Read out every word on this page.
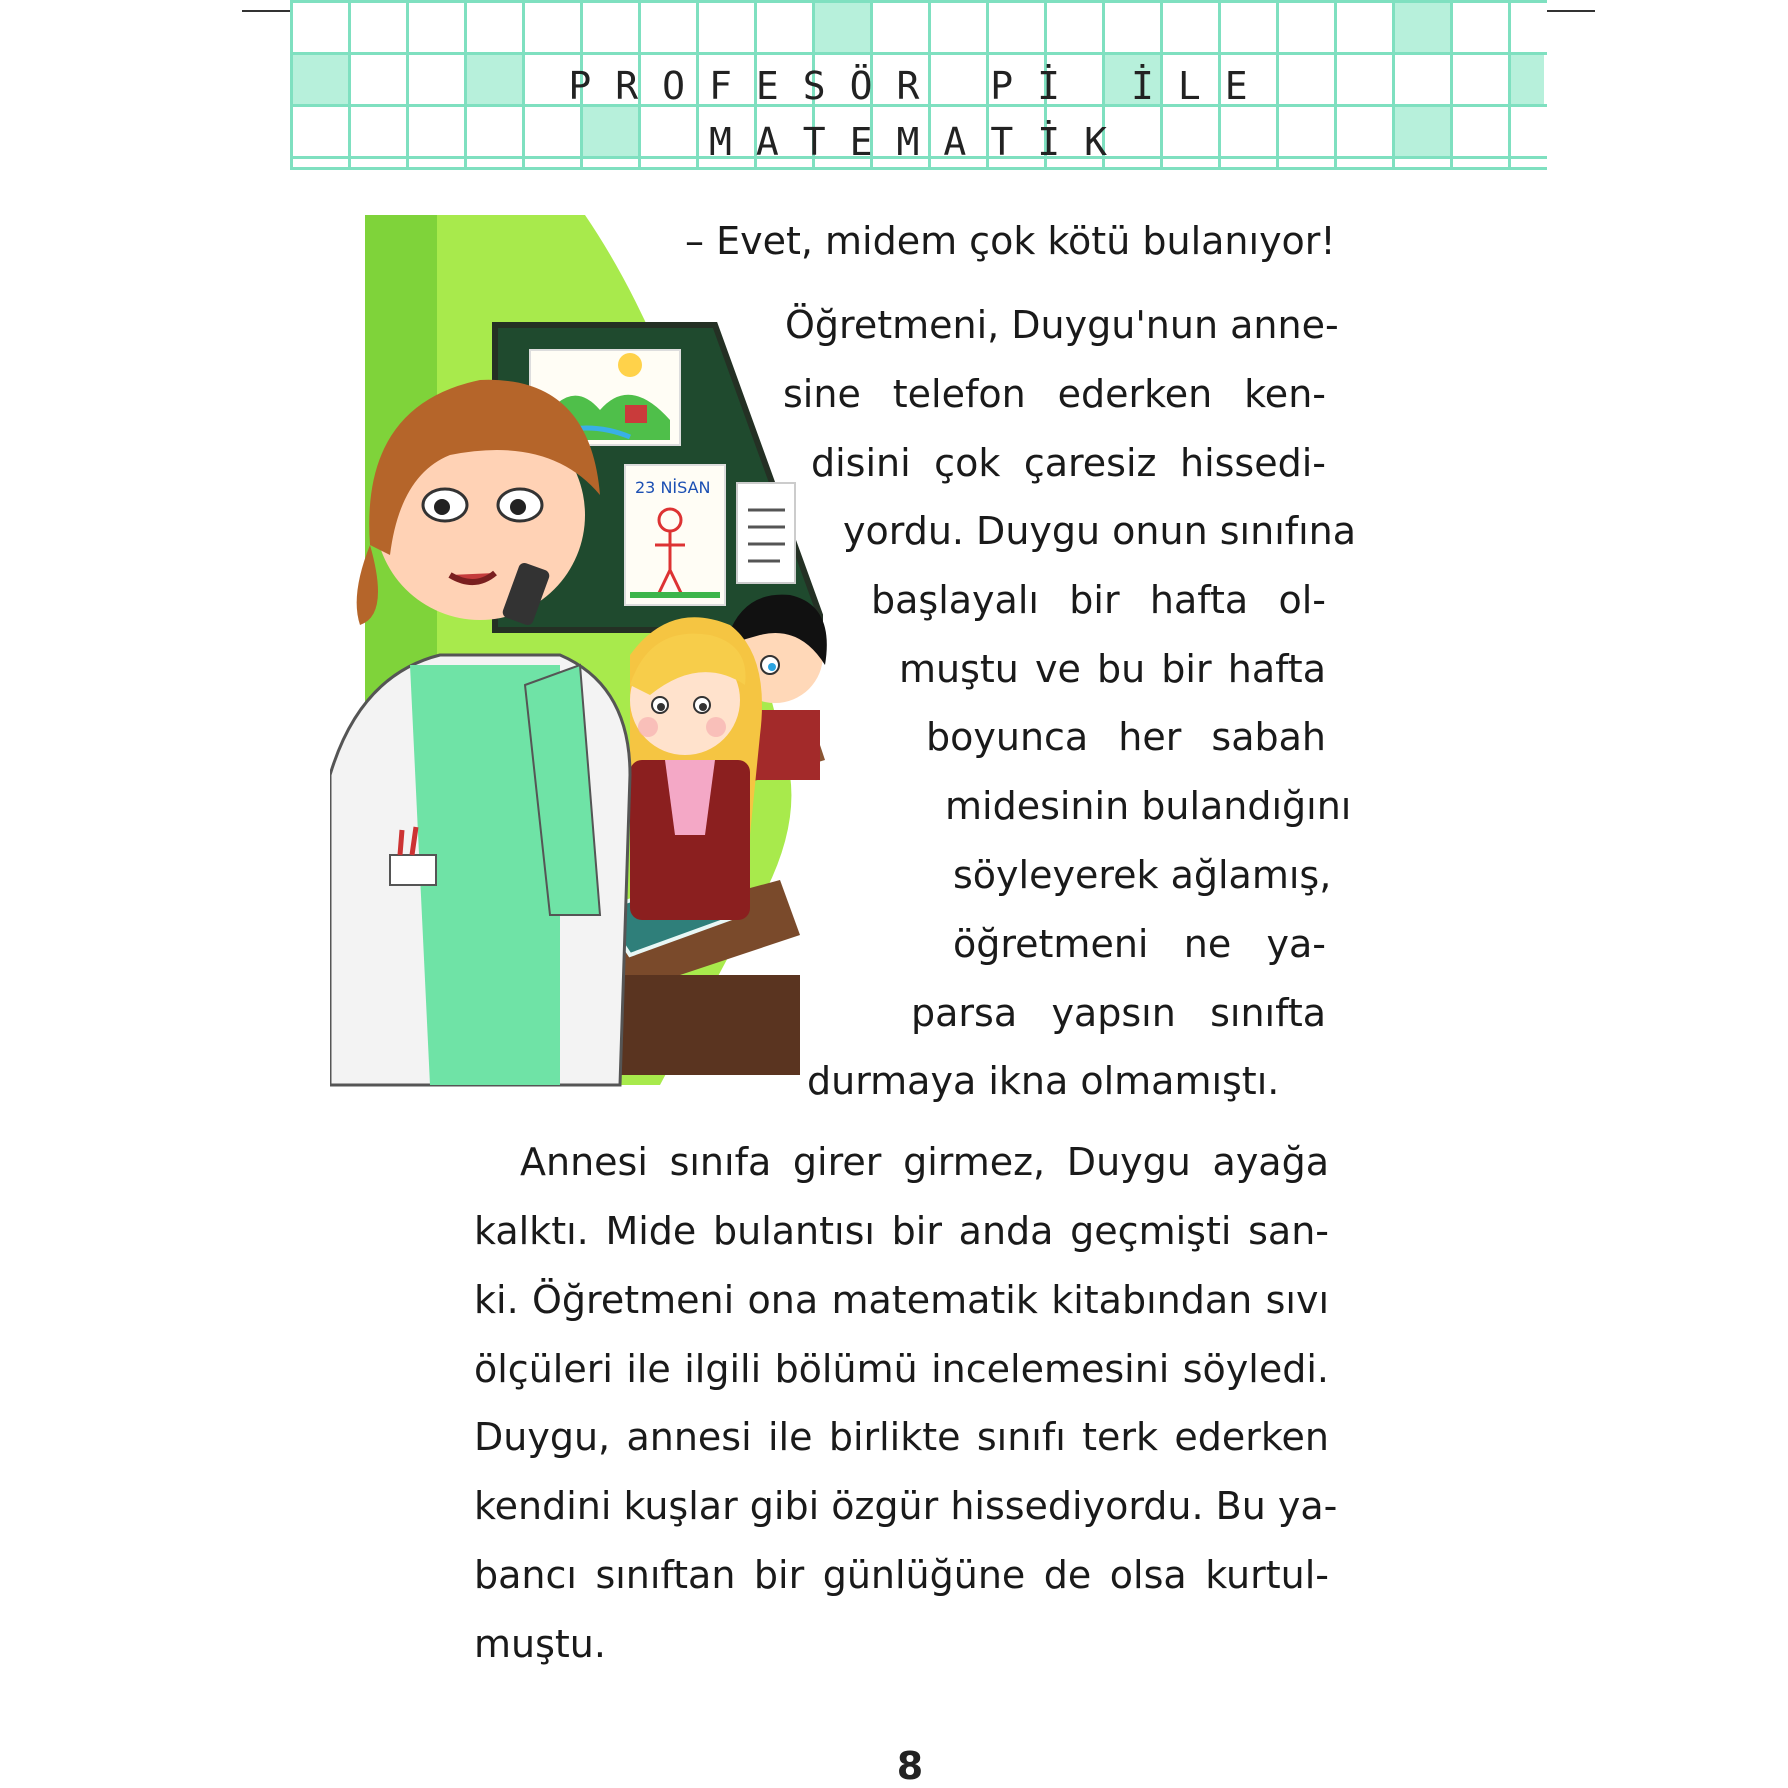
PROFESÖR Pİ İLE
MATEMATİK
23 NİSAN
– Evet, midem çok kötü bulanıyor!
Öğretmeni, Duygu'nun anne-
sine telefon ederken ken-
disini çok çaresiz hissedi-
yordu. Duygu onun sınıfına
başlayalı bir hafta ol-
muştu ve bu bir hafta
boyunca her sabah
midesinin bulandığını
söyleyerek ağlamış,
öğretmeni ne ya-
parsa yapsın sınıfta
durmaya ikna olmamıştı.
Annesi sınıfa girer girmez, Duygu ayağa
kalktı. Mide bulantısı bir anda geçmişti san-
ki. Öğretmeni ona matematik kitabından sıvı
ölçüleri ile ilgili bölümü incelemesini söyledi.
Duygu, annesi ile birlikte sınıfı terk ederken
kendini kuşlar gibi özgür hissediyordu. Bu ya-
bancı sınıftan bir günlüğüne de olsa kurtul-
muştu.
8
